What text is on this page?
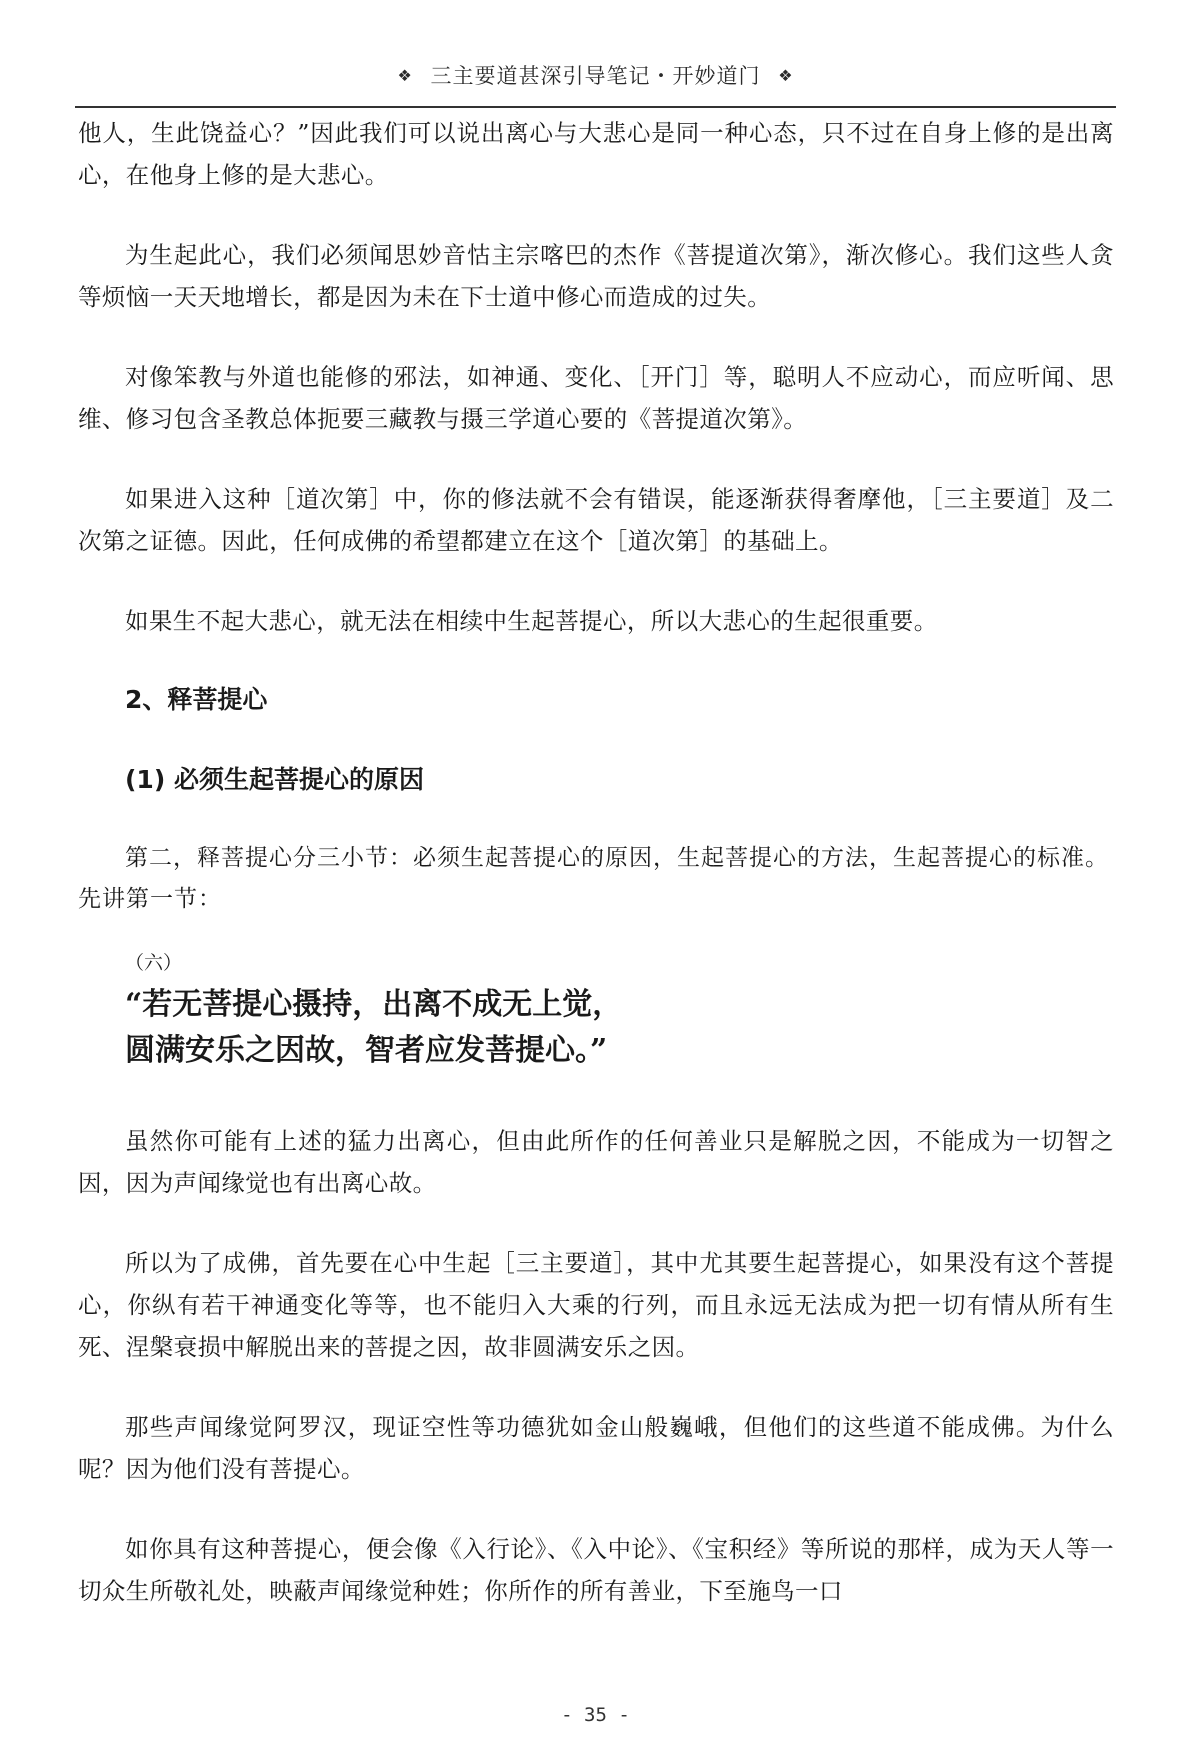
❖ 三主要道甚深引导笔记・开妙道门 ❖

他人，生此饶益心？”因此我们可以说出离心与大悲心是同一种心态，只不过在自身上修的是出离心，在他身上修的是大悲心。

为生起此心，我们必须闻思妙音怙主宗喀巴的杰作《菩提道次第》，渐次修心。我们这些人贪等烦恼一天天地增长，都是因为未在下士道中修心而造成的过失。

对像笨教与外道也能修的邪法，如神通、变化、［开门］等，聪明人不应动心，而应听闻、思维、修习包含圣教总体扼要三藏教与摄三学道心要的《菩提道次第》。

如果进入这种［道次第］中，你的修法就不会有错误，能逐渐获得奢摩他，［三主要道］及二次第之证德。因此，任何成佛的希望都建立在这个［道次第］的基础上。

如果生不起大悲心，就无法在相续中生起菩提心，所以大悲心的生起很重要。

2、释菩提心
(1) 必须生起菩提心的原因

第二，释菩提心分三小节：必须生起菩提心的原因，生起菩提心的方法，生起菩提心的标准。先讲第一节：

（六）
“若无菩提心摄持，出离不成无上觉，
圆满安乐之因故，智者应发菩提心。”

虽然你可能有上述的猛力出离心，但由此所作的任何善业只是解脱之因，不能成为一切智之因，因为声闻缘觉也有出离心故。

所以为了成佛，首先要在心中生起［三主要道］，其中尤其要生起菩提心，如果没有这个菩提心，你纵有若干神通变化等等，也不能归入大乘的行列，而且永远无法成为把一切有情从所有生死、涅槃衰损中解脱出来的菩提之因，故非圆满安乐之因。

那些声闻缘觉阿罗汉，现证空性等功德犹如金山般巍峨，但他们的这些道不能成佛。为什么呢？因为他们没有菩提心。

如你具有这种菩提心，便会像《入行论》、《入中论》、《宝积经》等所说的那样，成为天人等一切众生所敬礼处，映蔽声闻缘觉种姓；你所作的所有善业，下至施鸟一口

- 35 -
